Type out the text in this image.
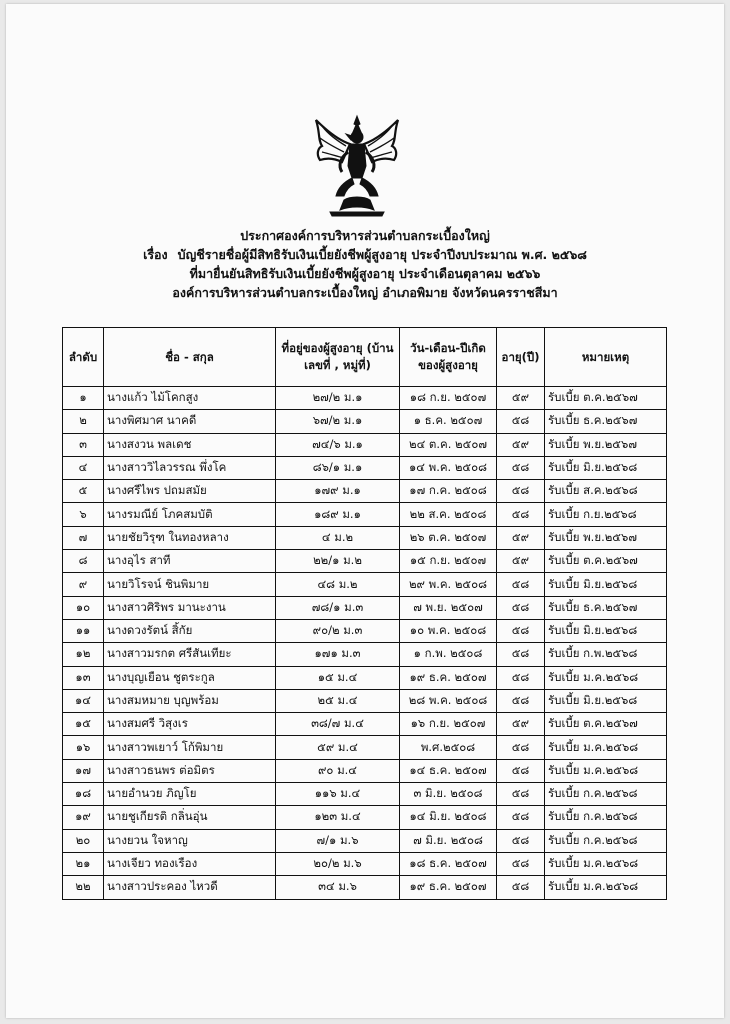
ประกาศองค์การบริหารส่วนตำบลกระเบื้องใหญ่
เรื่อง บัญชีรายชื่อผู้มีสิทธิรับเงินเบี้ยยังชีพผู้สูงอายุ ประจำปีงบประมาณ พ.ศ. ๒๕๖๘
ที่มายื่นยันสิทธิรับเงินเบี้ยยังชีพผู้สูงอายุ ประจำเดือนตุลาคม ๒๕๖๖
องค์การบริหารส่วนตำบลกระเบื้องใหญ่ อำเภอพิมาย จังหวัดนครราชสีมา
ลำดับ	ชื่อ - สกุล	ที่อยู่ของผู้สูงอายุ (บ้านเลขที่ , หมู่ที่)	วัน-เดือน-ปีเกิดของผู้สูงอายุ	อายุ(ปี)	หมายเหตุ
๑	นางแก้ว ไม้โคกสูง	๒๗/๒ ม.๑	๑๘ ก.ย. ๒๕๐๗	๕๙	รับเบี้ย ต.ค.๒๕๖๗
๒	นางพิศมาศ นาคดี	๖๗/๒ ม.๑	๑ ธ.ค. ๒๕๐๗	๕๘	รับเบี้ย ธ.ค.๒๕๖๗
๓	นางสงวน พลเดช	๗๔/๖ ม.๑	๒๔ ต.ค. ๒๕๐๗	๕๙	รับเบี้ย พ.ย.๒๕๖๗
๔	นางสาววิไลวรรณ พึ่งโค	๘๖/๑ ม.๑	๑๔ พ.ค. ๒๕๐๘	๕๘	รับเบี้ย มิ.ย.๒๕๖๘
๕	นางศรีไพร ปถมสมัย	๑๗๙ ม.๑	๑๗ ก.ค. ๒๕๐๘	๕๘	รับเบี้ย ส.ค.๒๕๖๘
๖	นางรมณีย์ โภคสมบัติ	๑๘๙ ม.๑	๒๒ ส.ค. ๒๕๐๘	๕๘	รับเบี้ย ก.ย.๒๕๖๘
๗	นายชัยวิรุฑ ในทองหลาง	๔ ม.๒	๒๖ ต.ค. ๒๕๐๗	๕๙	รับเบี้ย พ.ย.๒๕๖๗
๘	นางอุไร สาที	๒๒/๑ ม.๒	๑๕ ก.ย. ๒๕๐๗	๕๙	รับเบี้ย ต.ค.๒๕๖๗
๙	นายวิโรจน์ ชินพิมาย	๔๘ ม.๒	๒๙ พ.ค. ๒๕๐๘	๕๘	รับเบี้ย มิ.ย.๒๕๖๘
๑๐	นางสาวศิริพร มานะงาน	๗๘/๑ ม.๓	๗ พ.ย. ๒๕๐๗	๕๘	รับเบี้ย ธ.ค.๒๕๖๗
๑๑	นางดวงรัตน์ สิ้กัย	๙๐/๒ ม.๓	๑๐ พ.ค. ๒๕๐๘	๕๘	รับเบี้ย มิ.ย.๒๕๖๘
๑๒	นางสาวมรกต ศรีสันเทียะ	๑๗๑ ม.๓	๑ ก.พ. ๒๕๐๘	๕๘	รับเบี้ย ก.พ.๒๕๖๘
๑๓	นางบุญเยือน ชูตระกูล	๑๕ ม.๔	๑๙ ธ.ค. ๒๕๐๗	๕๘	รับเบี้ย ม.ค.๒๕๖๘
๑๔	นางสมหมาย บุญพร้อม	๒๕ ม.๔	๒๘ พ.ค. ๒๕๐๘	๕๘	รับเบี้ย มิ.ย.๒๕๖๘
๑๕	นางสมศรี วิสุงเร	๓๘/๗ ม.๔	๑๖ ก.ย. ๒๕๐๗	๕๙	รับเบี้ย ต.ค.๒๕๖๗
๑๖	นางสาวพเยาว์ โก้พิมาย	๕๙ ม.๔	พ.ศ.๒๕๐๘	๕๘	รับเบี้ย ม.ค.๒๕๖๘
๑๗	นางสาวธนพร ต่อมิตร	๙๐ ม.๔	๑๔ ธ.ค. ๒๕๐๗	๕๘	รับเบี้ย ม.ค.๒๕๖๘
๑๘	นายอำนวย ภิญโย	๑๑๖ ม.๔	๓ มิ.ย. ๒๕๐๘	๕๘	รับเบี้ย ก.ค.๒๕๖๘
๑๙	นายชูเกียรติ กลิ่นอุ่น	๑๒๓ ม.๔	๑๔ มิ.ย. ๒๕๐๘	๕๘	รับเบี้ย ก.ค.๒๕๖๘
๒๐	นางยวน ใจหาญ	๗/๑ ม.๖	๗ มิ.ย. ๒๕๐๘	๕๘	รับเบี้ย ก.ค.๒๕๖๘
๒๑	นางเจียว ทองเรือง	๒๐/๒ ม.๖	๑๘ ธ.ค. ๒๕๐๗	๕๘	รับเบี้ย ม.ค.๒๕๖๘
๒๒	นางสาวประคอง ไหวดี	๓๔ ม.๖	๑๙ ธ.ค. ๒๕๐๗	๕๘	รับเบี้ย ม.ค.๒๕๖๘
